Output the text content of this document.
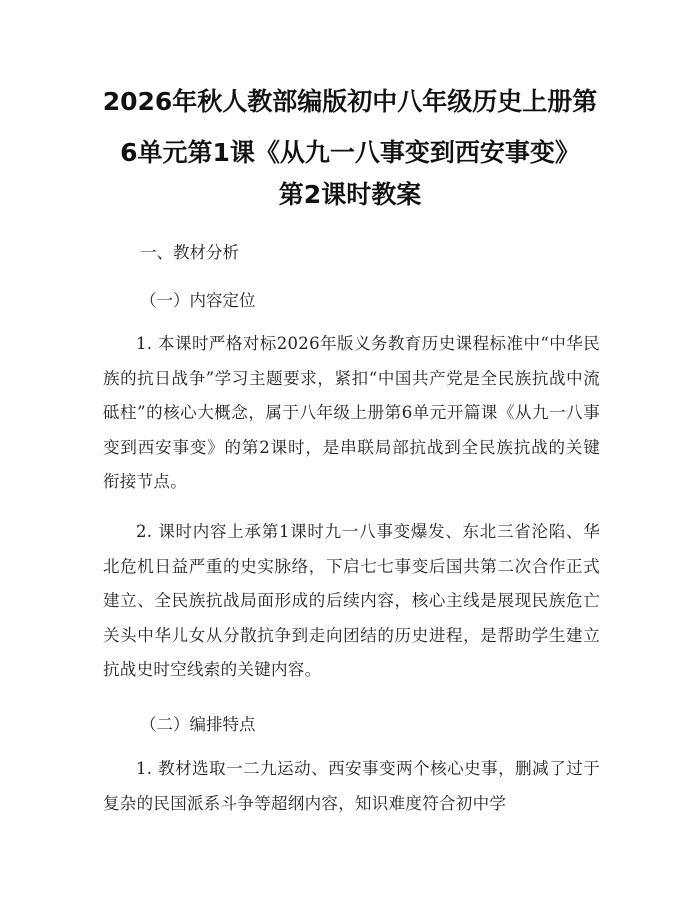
2026年秋人教部编版初中八年级历史上册第
6单元第1课《从九一八事变到西安事变》
第2课时教案
一、教材分析
（一）内容定位
1. 本课时严格对标2026年版义务教育历史课程标准中“中华民族的抗日战争”学习主题要求，紧扣“中国共产党是全民族抗战中流砥柱”的核心大概念，属于八年级上册第6单元开篇课《从九一八事变到西安事变》的第2课时，是串联局部抗战到全民族抗战的关键衔接节点。
2. 课时内容上承第1课时九一八事变爆发、东北三省沦陷、华北危机日益严重的史实脉络，下启七七事变后国共第二次合作正式建立、全民族抗战局面形成的后续内容，核心主线是展现民族危亡关头中华儿女从分散抗争到走向团结的历史进程，是帮助学生建立抗战史时空线索的关键内容。
（二）编排特点
1. 教材选取一二九运动、西安事变两个核心史事，删减了过于复杂的民国派系斗争等超纲内容，知识难度符合初中学
